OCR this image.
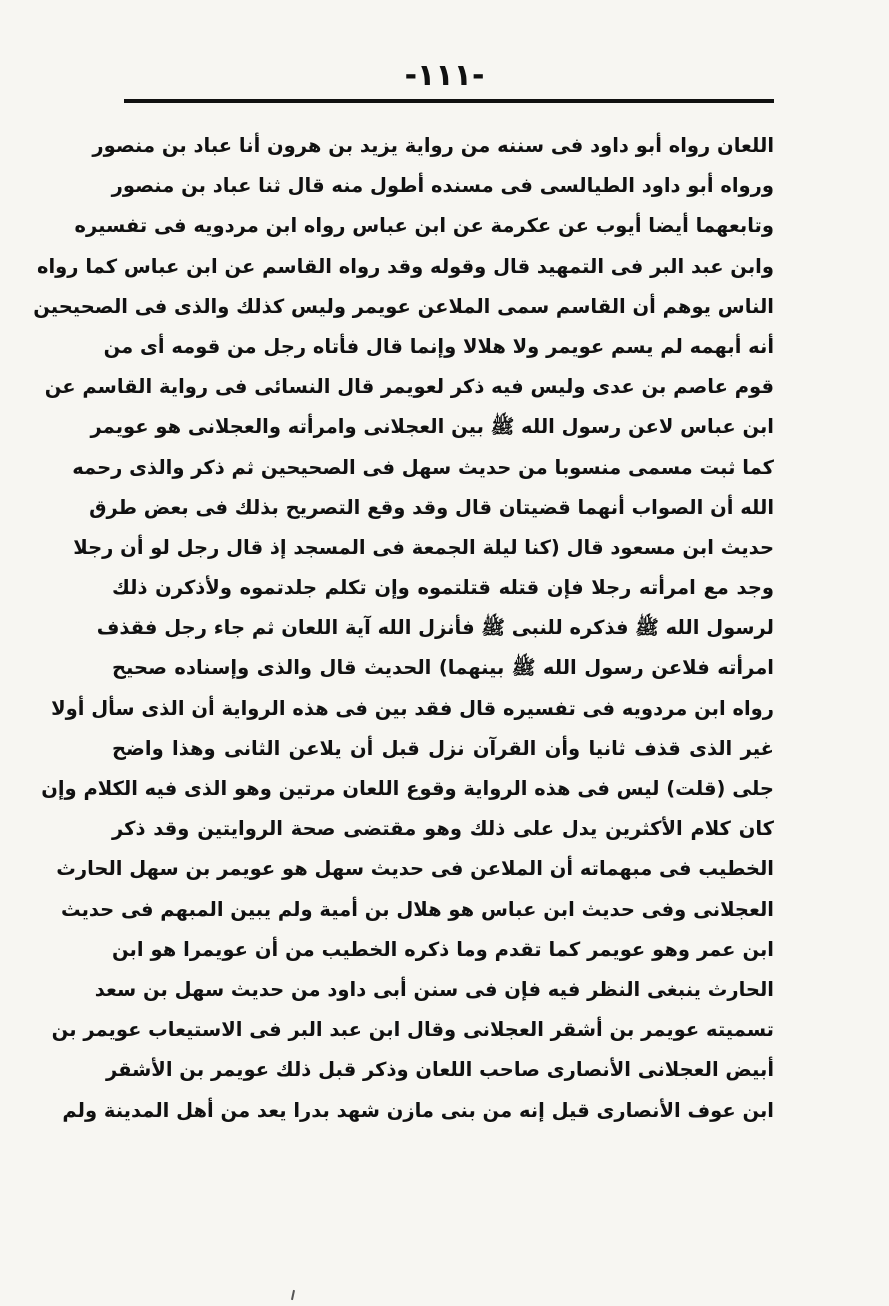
-١١١-
اللعان رواه أبو داود فى سننه من رواية يزيد بن هرون أنا عباد بن منصور
ورواه أبو داود الطيالسى فى مسنده أطول منه قال ثنا عباد بن منصور
وتابعهما أيضا أيوب عن عكرمة عن ابن عباس رواه ابن مردويه فى تفسيره
وابن عبد البر فى التمهيد قال وقوله وقد رواه القاسم عن ابن عباس كما رواه
الناس يوهم أن القاسم سمى الملاعن عويمر وليس كذلك والذى فى الصحيحين
أنه أبهمه لم يسم عويمر ولا هلالا وإنما قال فأتاه رجل من قومه أى من
قوم عاصم بن عدى وليس فيه ذكر لعويمر قال النسائى فى رواية القاسم عن
ابن عباس لاعن رسول الله ﷺ بين العجلانى وامرأته والعجلانى هو عويمر
كما ثبت مسمى منسوبا من حديث سهل فى الصحيحين ثم ذكر والذى رحمه
الله أن الصواب أنهما قضيتان قال وقد وقع التصريح بذلك فى بعض طرق
حديث ابن مسعود قال (كنا ليلة الجمعة فى المسجد إذ قال رجل لو أن رجلا
وجد مع امرأته رجلا فإن قتله قتلتموه وإن تكلم جلدتموه ولأذكرن ذلك
لرسول الله ﷺ فذكره للنبى ﷺ فأنزل الله آية اللعان ثم جاء رجل فقذف
امرأته فلاعن رسول الله ﷺ بينهما) الحديث قال والذى وإسناده صحيح
رواه ابن مردويه فى تفسيره قال فقد بين فى هذه الرواية أن الذى سأل أولا
غير الذى قذف ثانيا وأن القرآن نزل قبل أن يلاعن الثانى وهذا واضح
جلى (قلت) ليس فى هذه الرواية وقوع اللعان مرتين وهو الذى فيه الكلام وإن
كان كلام الأكثرين يدل على ذلك وهو مقتضى صحة الروايتين وقد ذكر
الخطيب فى مبهماته أن الملاعن فى حديث سهل هو عويمر بن سهل الحارث
العجلانى وفى حديث ابن عباس هو هلال بن أمية ولم يبين المبهم فى حديث
ابن عمر وهو عويمر كما تقدم وما ذكره الخطيب من أن عويمرا هو ابن
الحارث ينبغى النظر فيه فإن فى سنن أبى داود من حديث سهل بن سعد
تسميته عويمر بن أشقر العجلانى وقال ابن عبد البر فى الاستيعاب عويمر بن
أبيض العجلانى الأنصارى صاحب اللعان وذكر قبل ذلك عويمر بن الأشقر
ابن عوف الأنصارى قيل إنه من بنى مازن شهد بدرا يعد من أهل المدينة ولم
